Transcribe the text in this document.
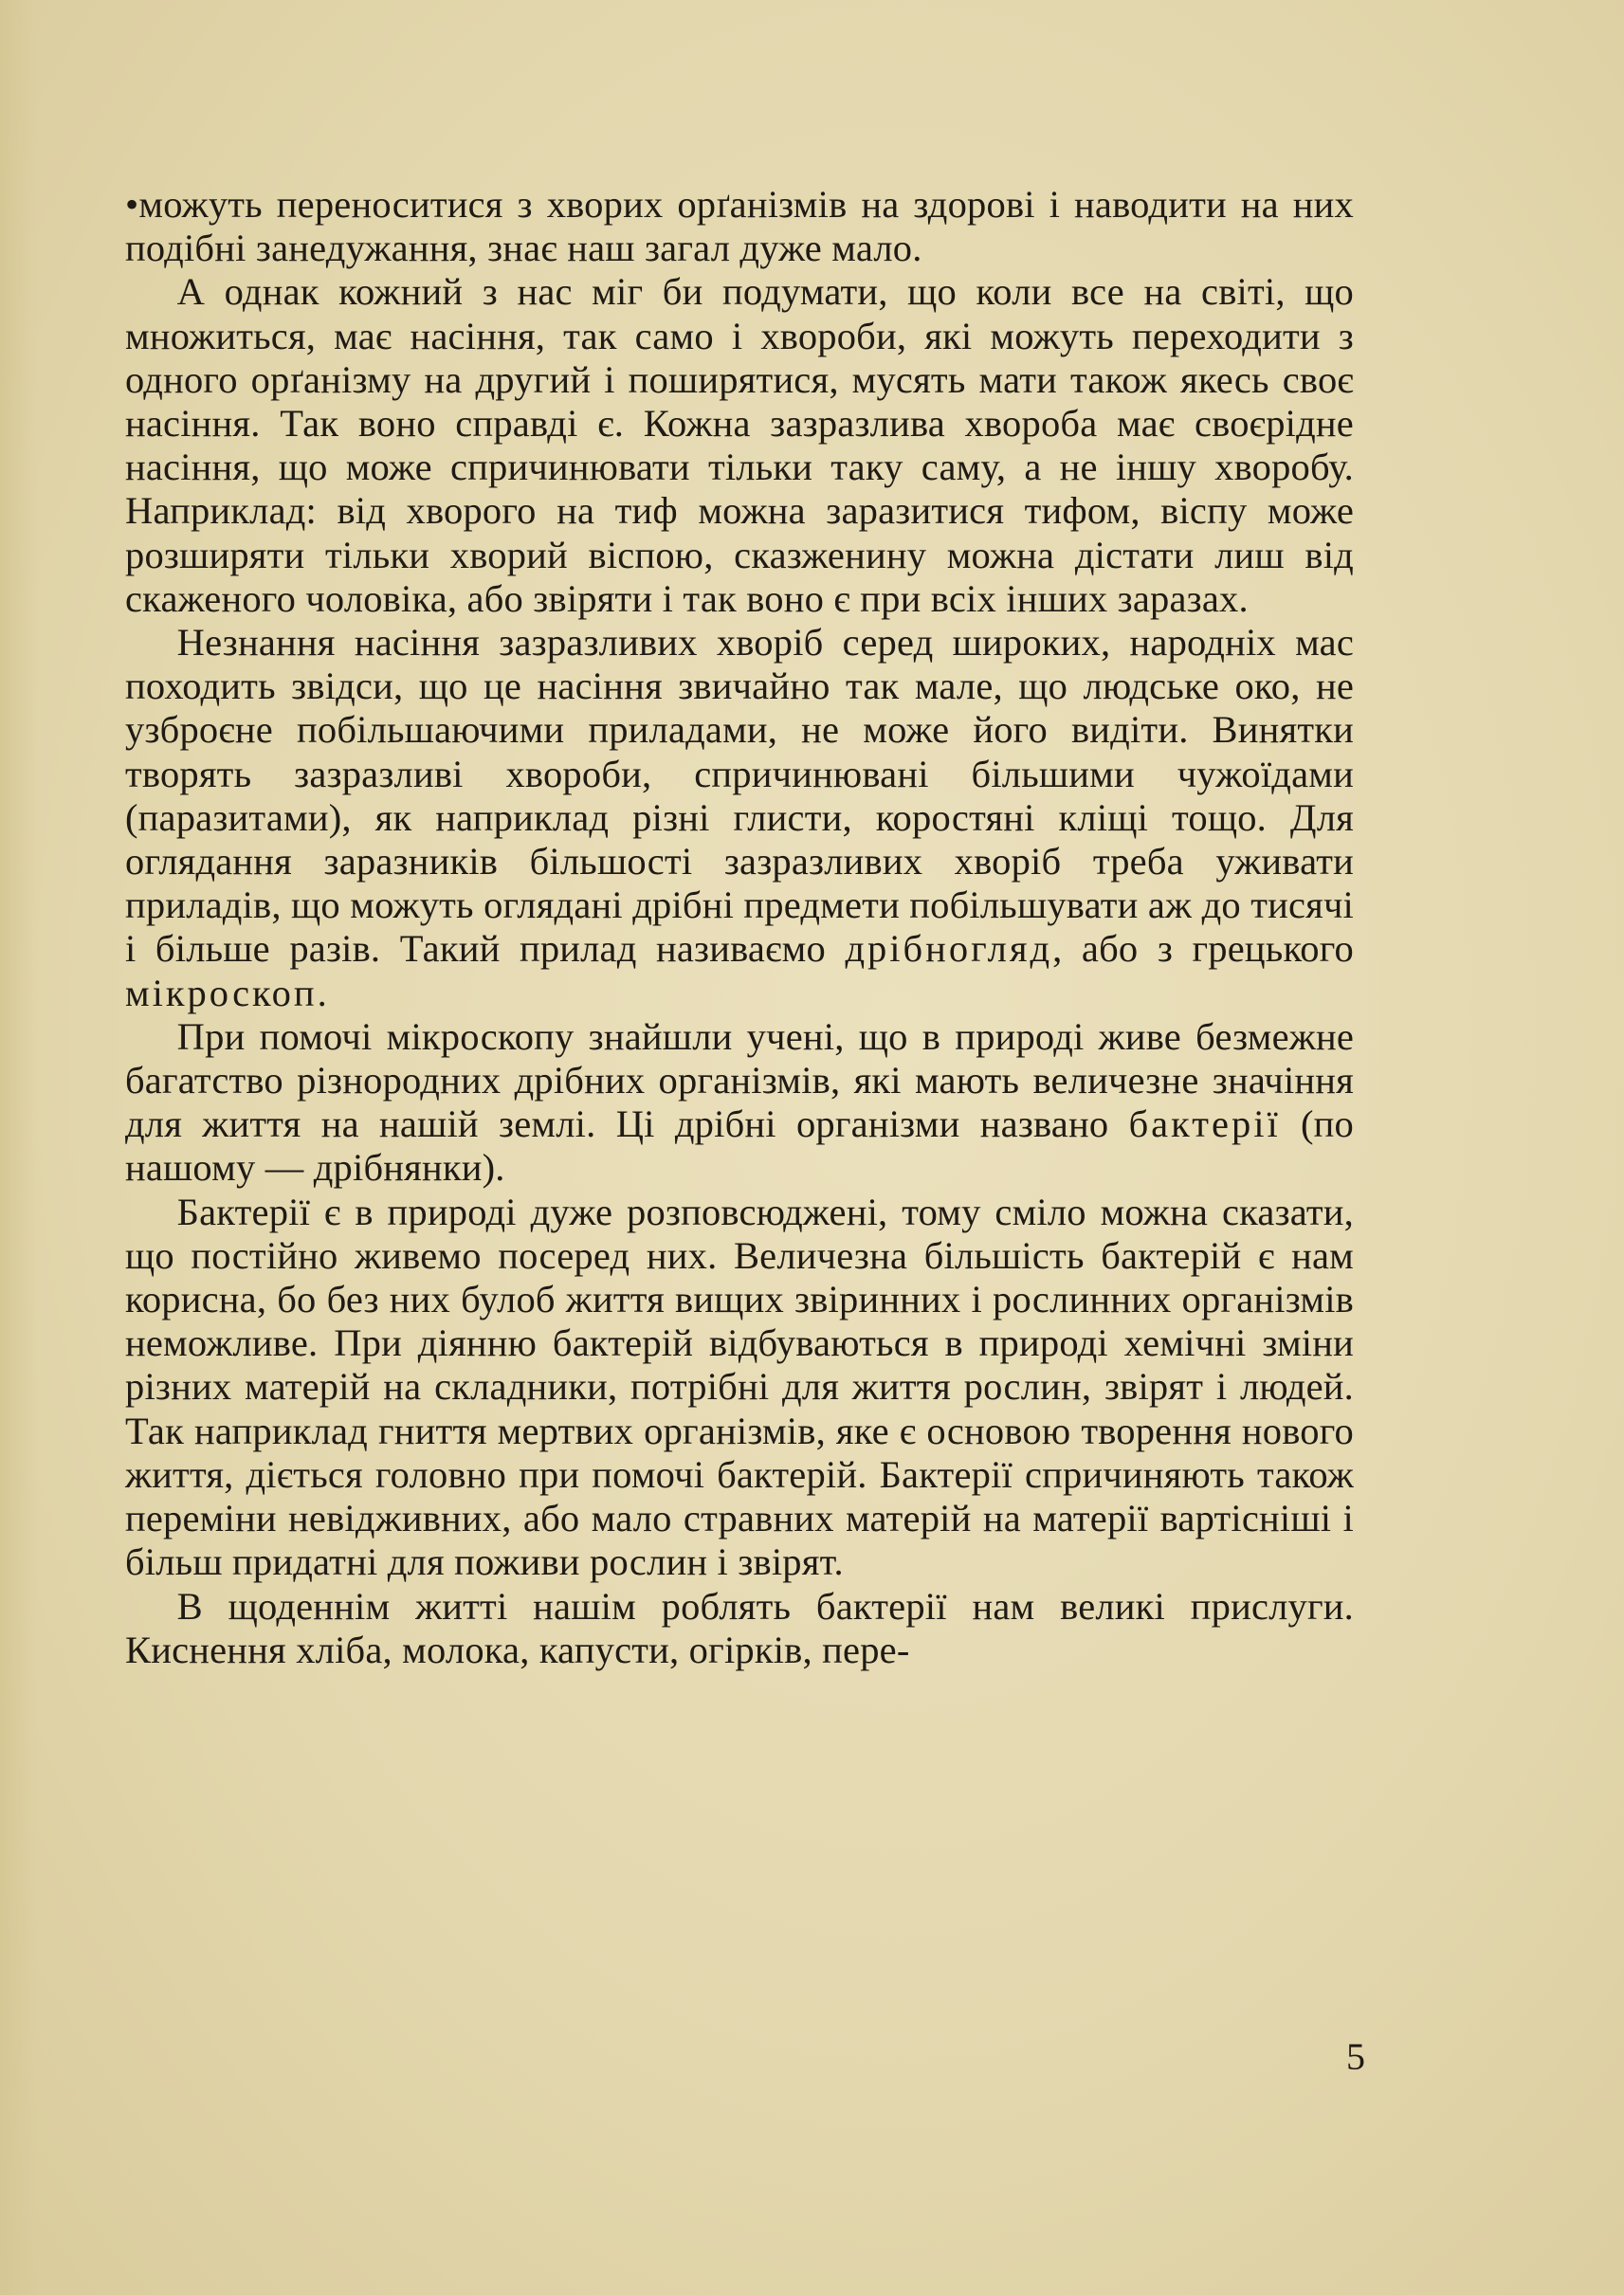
•можуть переноситися з хворих орґанізмів на здорові і наводити на них подібні занедужання, знає наш загал дуже мало.

А однак кожний з нас міг би подумати, що коли все на світі, що множиться, має насіння, так само і хвороби, які можуть переходити з одного орґанізму на другий і поширятися, мусять мати також якесь своє насіння. Так воно справді є. Кожна зазразлива хвороба має своєрідне насіння, що може спричинювати тільки таку саму, а не іншу хворобу. Наприклад: від хворого на тиф можна заразитися тифом, віспу може розширяти тільки хворий віспою, сказженину можна дістати лиш від скаженого чоловіка, або звіряти і так воно є при всіх інших заразах.

Незнання насіння зазразливих хворіб серед широких, народніх мас походить звідси, що це насіння звичайно так мале, що людське око, не узброєне побільшаючими приладами, не може його видіти. Винятки творять зазразливі хвороби, спричинювані більшими чужоїдами (паразитами), як наприклад різні глисти, коростяні кліщі тощо. Для оглядання заразників більшості зазразливих хворіб треба уживати приладів, що можуть оглядані дрібні предмети побільшувати аж до тисячі і більше разів. Такий прилад називаємо дрібногляд, або з грецького мікроскоп.

При помочі мікроскопу знайшли учені, що в природі живе безмежне багатство різнородних дрібних організмів, які мають величезне значіння для життя на нашій землі. Ці дрібні організми названо бактерії (по нашому — дрібнянки).

Бактерії є в природі дуже розповсюджені, тому сміло можна сказати, що постійно живемо посеред них. Величезна більшість бактерій є нам корисна, бо без них булоб життя вищих звіринних і рослинних організмів неможливе. При діянню бактерій відбуваються в природі хемічні зміни різних матерій на складники, потрібні для життя рослин, звірят і людей. Так наприклад гниття мертвих організмів, яке є основою творення нового життя, діється головно при помочі бактерій. Бактерії спричиняють також переміни невідживних, або мало стравних матерій на матерії вартісніші і більш придатні для поживи рослин і звірят.

В щоденнім житті нашім роблять бактерії нам великі прислуги. Киснення хліба, молока, капусти, огірків, пере-

5
